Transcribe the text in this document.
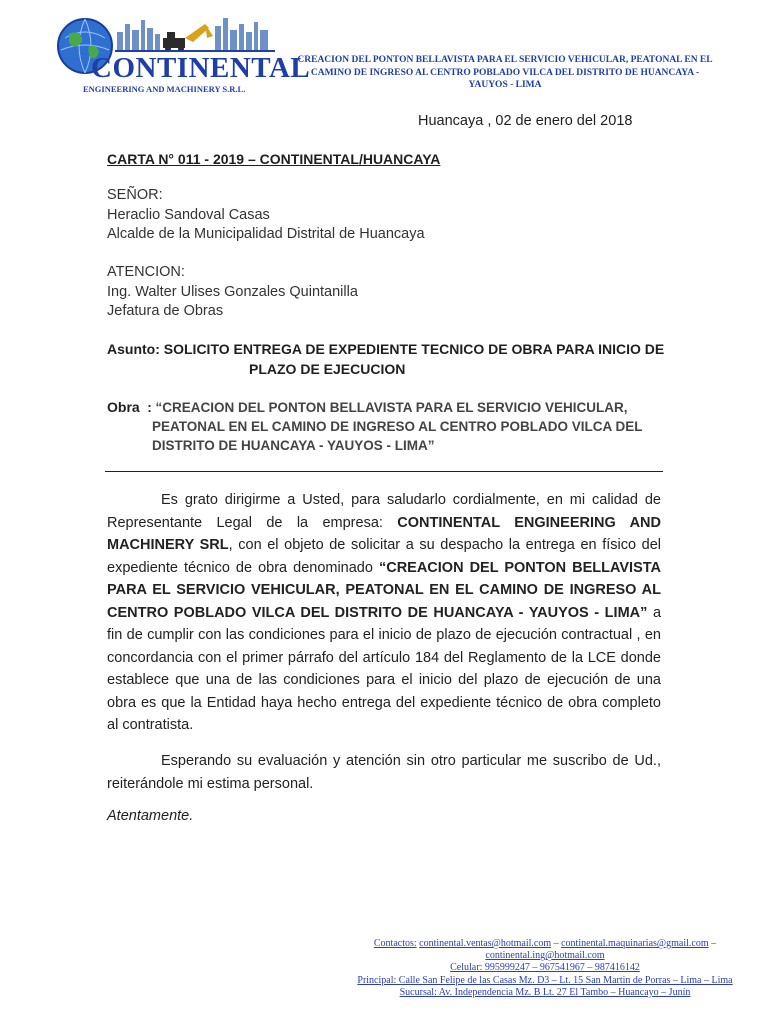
CONTINENTAL

ENGINEERING AND MACHINERY S.R.L.

CREACION DEL PONTON BELLAVISTA PARA EL SERVICIO VEHICULAR, PEATONAL EN EL CAMINO DE INGRESO AL CENTRO POBLADO VILCA DEL DISTRITO DE HUANCAYA - YAUYOS - LIMA

Huancaya , 02 de enero del 2018

CARTA N° 011 - 2019 – CONTINENTAL/HUANCAYA

SEÑOR:
Heraclio Sandoval Casas
Alcalde de la Municipalidad Distrital de Huancaya
ATENCION:
Ing. Walter Ulises Gonzales Quintanilla
Jefatura de Obras
Asunto: SOLICITO ENTREGA DE EXPEDIENTE TECNICO DE OBRA PARA INICIO DE
PLAZO DE EJECUCION
Obra : “CREACION DEL PONTON BELLAVISTA PARA EL SERVICIO VEHICULAR,
PEATONAL EN EL CAMINO DE INGRESO AL CENTRO POBLADO VILCA DEL
DISTRITO DE HUANCAYA - YAUYOS - LIMA”

Es grato dirigirme a Usted, para saludarlo cordialmente, en mi calidad de Representante Legal de la empresa: CONTINENTAL ENGINEERING AND MACHINERY SRL, con el objeto de solicitar a su despacho la entrega en físico del expediente técnico de obra denominado “CREACION DEL PONTON BELLAVISTA PARA EL SERVICIO VEHICULAR, PEATONAL EN EL CAMINO DE INGRESO AL CENTRO POBLADO VILCA DEL DISTRITO DE HUANCAYA - YAUYOS - LIMA” a fin de cumplir con las condiciones para el inicio de plazo de ejecución contractual , en concordancia con el primer párrafo del artículo 184 del Reglamento de la LCE donde establece que una de las condiciones para el inicio del plazo de ejecución de una obra es que la Entidad haya hecho entrega del expediente técnico de obra completo al contratista.

Esperando su evaluación y atención sin otro particular me suscribo de Ud., reiterándole mi estima personal.

Atentamente.

Contactos: continental.ventas@hotmail.com – continental.maquinarias@gmail.com –
continental.ing@hotmail.com
Celular: 995999247 – 967541967 – 987416142
Principal: Calle San Felipe de las Casas Mz. D3 – Lt. 15 San Martin de Porras – Lima – Lima
Sucursal: Av. Independencia Mz. B Lt. 27 El Tambo – Huancayo – Junín
